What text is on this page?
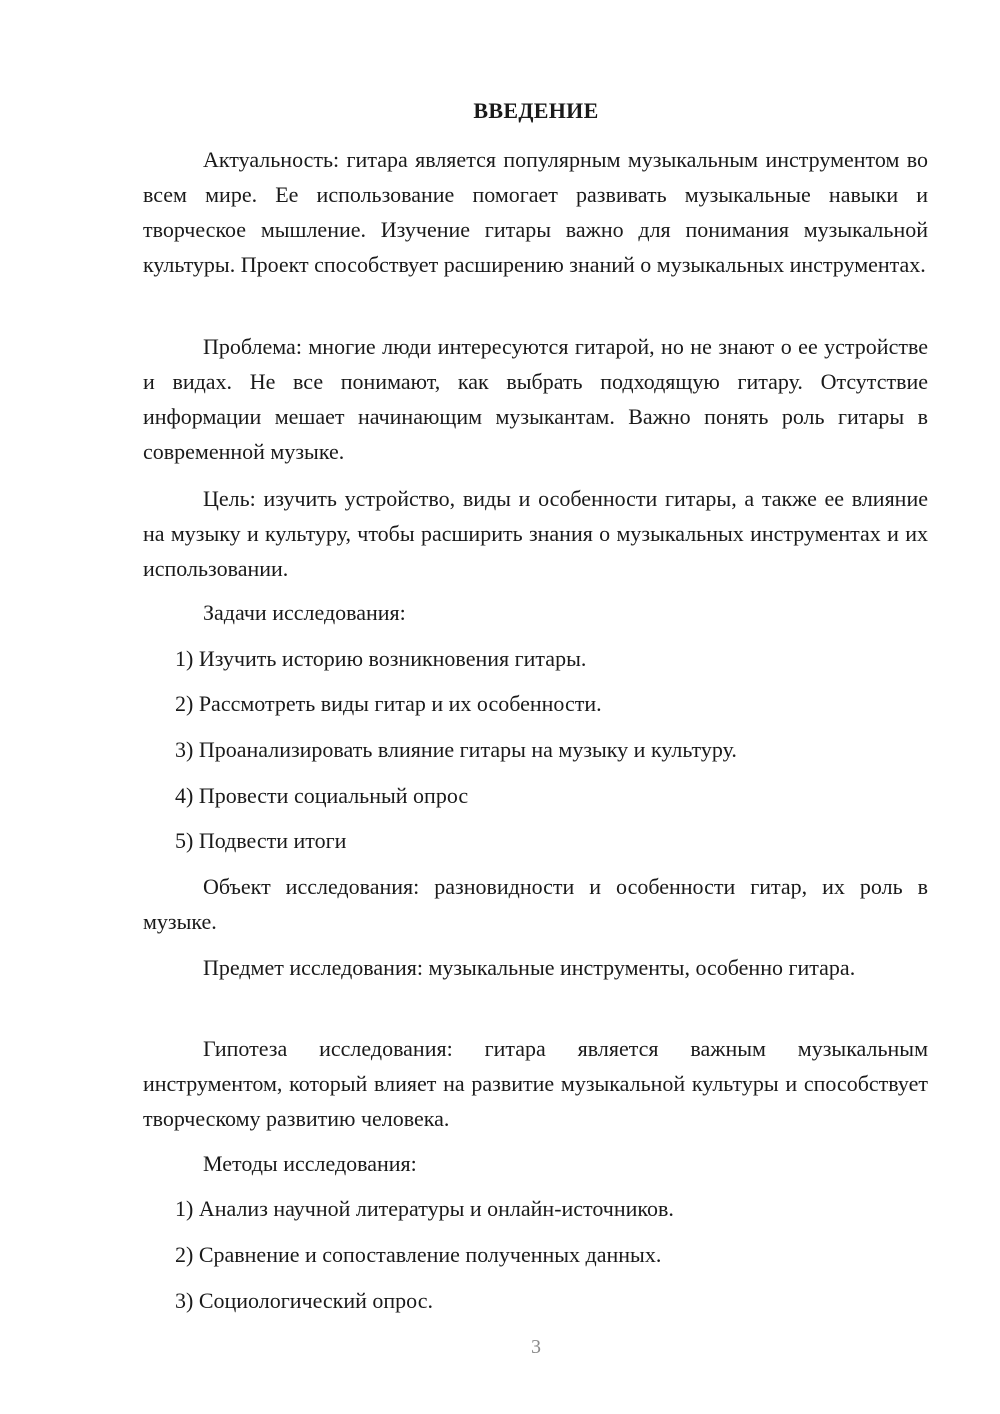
ВВЕДЕНИЕ

Актуальность: гитара является популярным музыкальным инструментом во всем мире. Ее использование помогает развивать музыкальные навыки и творческое мышление. Изучение гитары важно для понимания музыкальной культуры. Проект способствует расширению знаний о музыкальных инструментах.

Проблема: многие люди интересуются гитарой, но не знают о ее устройстве и видах. Не все понимают, как выбрать подходящую гитару. Отсутствие информации мешает начинающим музыкантам. Важно понять роль гитары в современной музыке.

Цель: изучить устройство, виды и особенности гитары, а также ее влияние на музыку и культуру, чтобы расширить знания о музыкальных инструментах и их использовании.

Задачи исследования:
1) Изучить историю возникновения гитары.
2) Рассмотреть виды гитар и их особенности.
3) Проанализировать влияние гитары на музыку и культуру.
4) Провести социальный опрос
5) Подвести итоги

Объект исследования: разновидности и особенности гитар, их роль в музыке.

Предмет исследования: музыкальные инструменты, особенно гитара.

Гипотеза исследования: гитара является важным музыкальным инструментом, который влияет на развитие музыкальной культуры и способствует творческому развитию человека.

Методы исследования:
1) Анализ научной литературы и онлайн-источников.
2) Сравнение и сопоставление полученных данных.
3) Социологический опрос.
3
